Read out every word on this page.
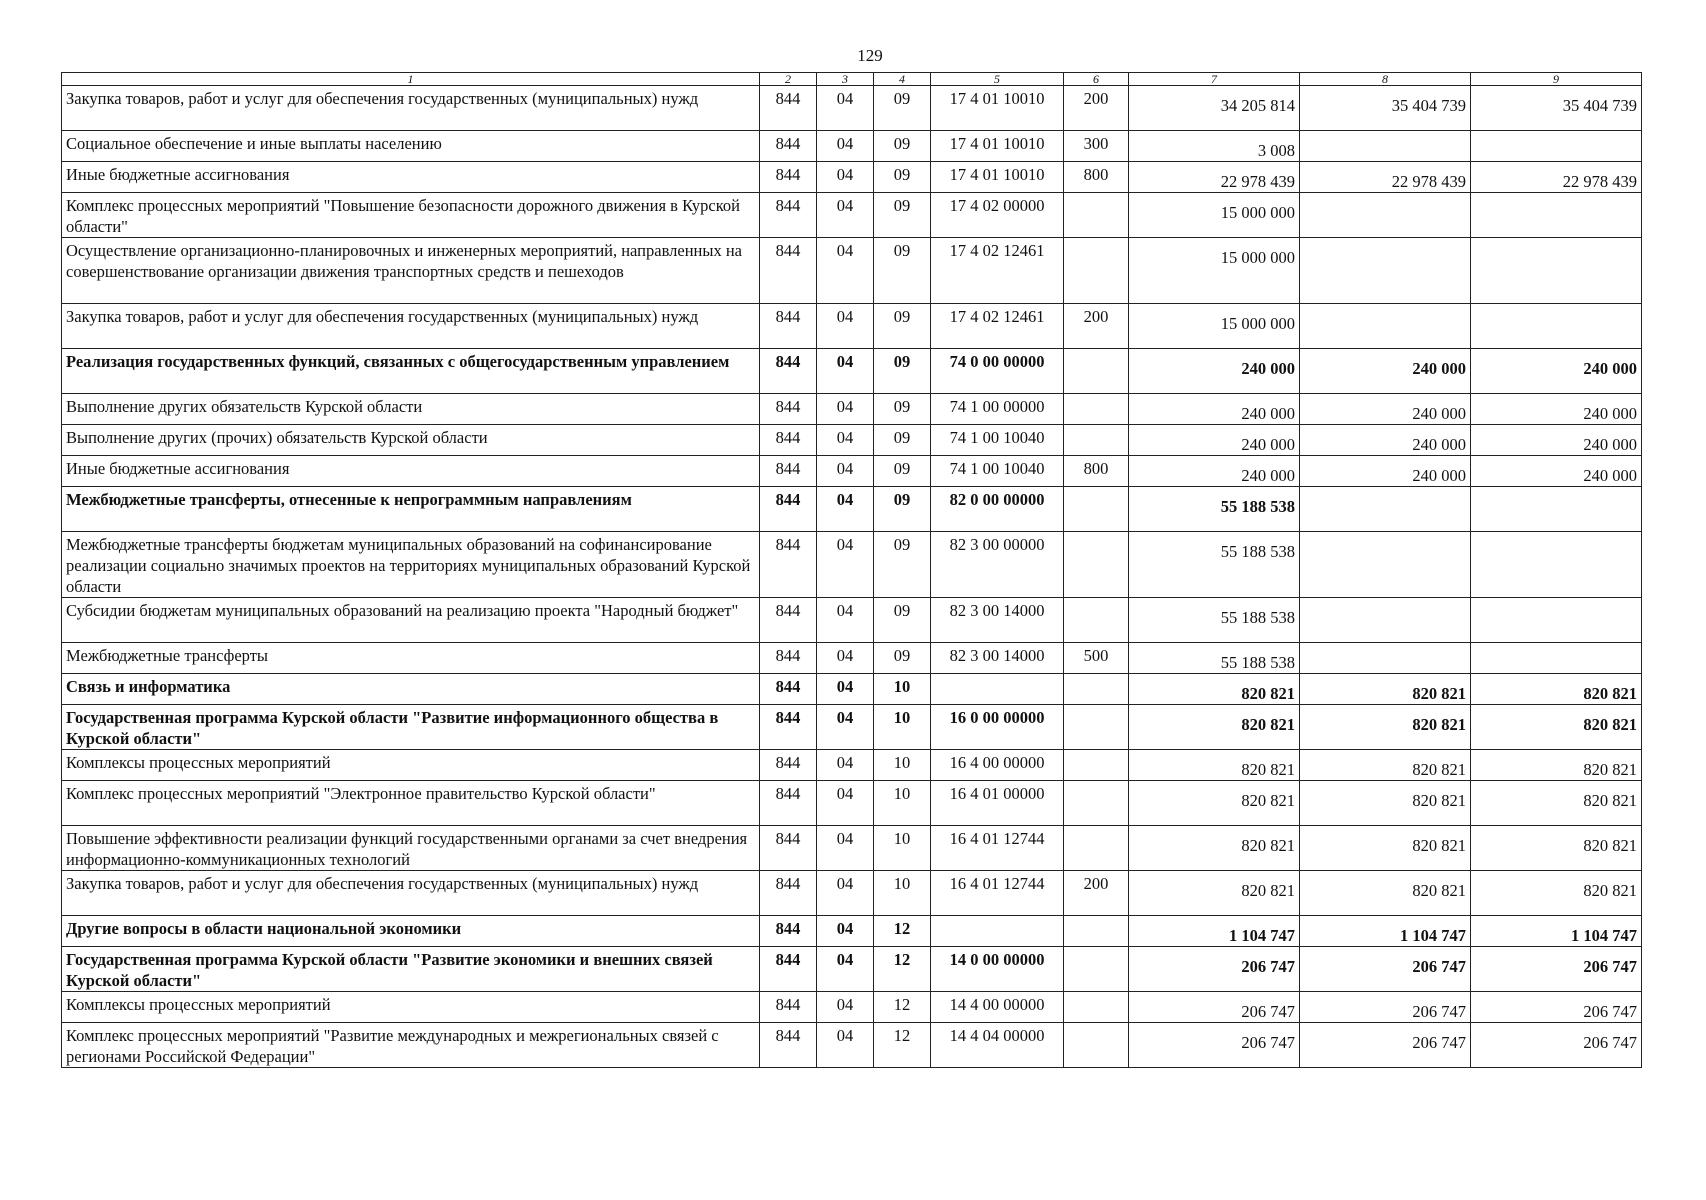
129
1	2	3	4	5	6	7	8	9
Закупка товаров, работ и услуг для обеспечения государственных (муниципальных) нужд	844	04	09	17 4 01 10010	200	34 205 814	35 404 739	35 404 739
Социальное обеспечение и иные выплаты населению	844	04	09	17 4 01 10010	300	3 008		
Иные бюджетные ассигнования	844	04	09	17 4 01 10010	800	22 978 439	22 978 439	22 978 439
Комплекс процессных мероприятий "Повышение безопасности дорожного движения в Курской области"	844	04	09	17 4 02 00000		15 000 000		
Осуществление организационно-планировочных и инженерных мероприятий, направленных на совершенствование организации движения транспортных средств и пешеходов	844	04	09	17 4 02 12461		15 000 000		
Закупка товаров, работ и услуг для обеспечения государственных (муниципальных) нужд	844	04	09	17 4 02 12461	200	15 000 000		
Реализация государственных функций, связанных с общегосударственным управлением	844	04	09	74 0 00 00000		240 000	240 000	240 000
Выполнение других обязательств Курской области	844	04	09	74 1 00 00000		240 000	240 000	240 000
Выполнение других (прочих) обязательств Курской области	844	04	09	74 1 00 10040		240 000	240 000	240 000
Иные бюджетные ассигнования	844	04	09	74 1 00 10040	800	240 000	240 000	240 000
Межбюджетные трансферты, отнесенные к непрограммным направлениям	844	04	09	82 0 00 00000		55 188 538		
Межбюджетные трансферты бюджетам муниципальных образований на софинансирование реализации социально значимых проектов на территориях муниципальных образований Курской области	844	04	09	82 3 00 00000		55 188 538		
Субсидии бюджетам муниципальных образований на реализацию проекта "Народный бюджет"	844	04	09	82 3 00 14000		55 188 538		
Межбюджетные трансферты	844	04	09	82 3 00 14000	500	55 188 538		
Связь и информатика	844	04	10			820 821	820 821	820 821
Государственная программа Курской области "Развитие информационного общества в Курской области"	844	04	10	16 0 00 00000		820 821	820 821	820 821
Комплексы процессных мероприятий	844	04	10	16 4 00 00000		820 821	820 821	820 821
Комплекс процессных мероприятий "Электронное правительство Курской области"	844	04	10	16 4 01 00000		820 821	820 821	820 821
Повышение эффективности реализации функций государственными органами за счет внедрения информационно-коммуникационных технологий	844	04	10	16 4 01 12744		820 821	820 821	820 821
Закупка товаров, работ и услуг для обеспечения государственных (муниципальных) нужд	844	04	10	16 4 01 12744	200	820 821	820 821	820 821
Другие вопросы в области национальной экономики	844	04	12			1 104 747	1 104 747	1 104 747
Государственная программа Курской области "Развитие экономики и внешних связей Курской области"	844	04	12	14 0 00 00000		206 747	206 747	206 747
Комплексы процессных мероприятий	844	04	12	14 4 00 00000		206 747	206 747	206 747
Комплекс процессных мероприятий "Развитие международных и межрегиональных связей с регионами Российской Федерации"	844	04	12	14 4 04 00000		206 747	206 747	206 747
